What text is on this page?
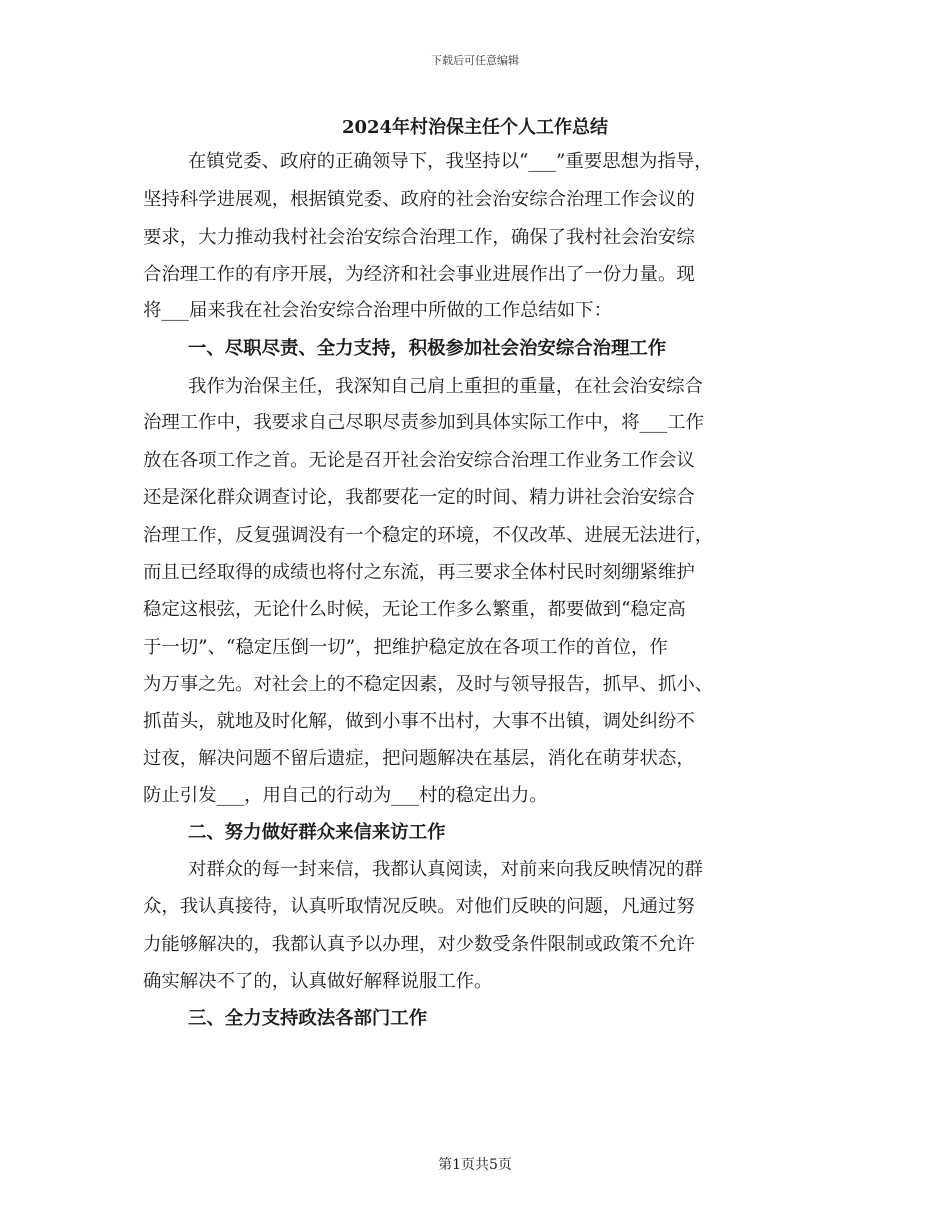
下载后可任意编辑
2024年村治保主任个人工作总结
在镇党委、政府的正确领导下，我坚持以“___”重要思想为指导，
坚持科学进展观，根据镇党委、政府的社会治安综合治理工作会议的
要求，大力推动我村社会治安综合治理工作，确保了我村社会治安综
合治理工作的有序开展，为经济和社会事业进展作出了一份力量。现
将___届来我在社会治安综合治理中所做的工作总结如下：
一、尽职尽责、全力支持，积极参加社会治安综合治理工作
我作为治保主任，我深知自己肩上重担的重量，在社会治安综合
治理工作中，我要求自己尽职尽责参加到具体实际工作中，将___工作
放在各项工作之首。无论是召开社会治安综合治理工作业务工作会议
还是深化群众调查讨论，我都要花一定的时间、精力讲社会治安综合
治理工作，反复强调没有一个稳定的环境，不仅改革、进展无法进行，
而且已经取得的成绩也将付之东流，再三要求全体村民时刻绷紧维护
稳定这根弦，无论什么时候，无论工作多么繁重，都要做到“稳定高
于一切”、“稳定压倒一切”，把维护稳定放在各项工作的首位，作
为万事之先。对社会上的不稳定因素，及时与领导报告，抓早、抓小、
抓苗头，就地及时化解，做到小事不出村，大事不出镇，调处纠纷不
过夜，解决问题不留后遗症，把问题解决在基层，消化在萌芽状态，
防止引发___，用自己的行动为___村的稳定出力。
二、努力做好群众来信来访工作
对群众的每一封来信，我都认真阅读，对前来向我反映情况的群
众，我认真接待，认真听取情况反映。对他们反映的问题，凡通过努
力能够解决的，我都认真予以办理，对少数受条件限制或政策不允许
确实解决不了的，认真做好解释说服工作。
三、全力支持政法各部门工作
第1页共5页
